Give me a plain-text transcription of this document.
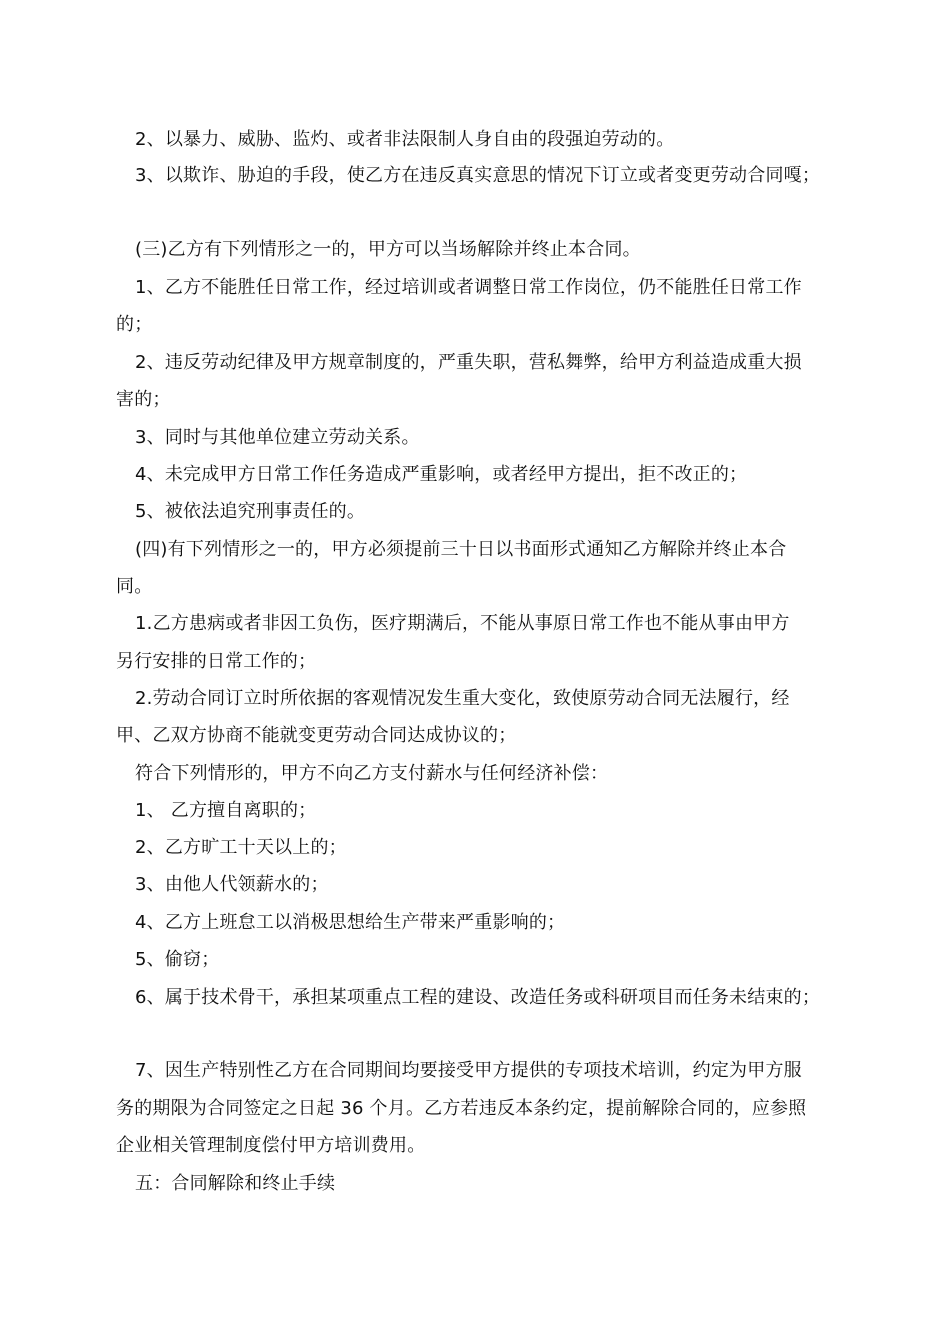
2、以暴力、威胁、监灼、或者非法限制人身自由的段强迫劳动的。
3、以欺诈、胁迫的手段，使乙方在违反真实意思的情况下订立或者变更劳动合同嘎；
(三)乙方有下列情形之一的，甲方可以当场解除并终止本合同。
1、乙方不能胜任日常工作，经过培训或者调整日常工作岗位，仍不能胜任日常工作
的；
2、违反劳动纪律及甲方规章制度的，严重失职，营私舞弊，给甲方利益造成重大损
害的；
3、同时与其他单位建立劳动关系。
4、未完成甲方日常工作任务造成严重影响，或者经甲方提出，拒不改正的；
5、被依法追究刑事责任的。
(四)有下列情形之一的，甲方必须提前三十日以书面形式通知乙方解除并终止本合
同。
1.乙方患病或者非因工负伤，医疗期满后，不能从事原日常工作也不能从事由甲方
另行安排的日常工作的；
2.劳动合同订立时所依据的客观情况发生重大变化，致使原劳动合同无法履行，经
甲、乙双方协商不能就变更劳动合同达成协议的；
符合下列情形的，甲方不向乙方支付薪水与任何经济补偿：
1、 乙方擅自离职的；
2、乙方旷工十天以上的；
3、由他人代领薪水的；
4、乙方上班怠工以消极思想给生产带来严重影响的；
5、偷窃；
6、属于技术骨干，承担某项重点工程的建设、改造任务或科研项目而任务未结束的；
7、因生产特别性乙方在合同期间均要接受甲方提供的专项技术培训，约定为甲方服
务的期限为合同签定之日起 36 个月。乙方若违反本条约定，提前解除合同的，应参照
企业相关管理制度偿付甲方培训费用。
五：合同解除和终止手续
